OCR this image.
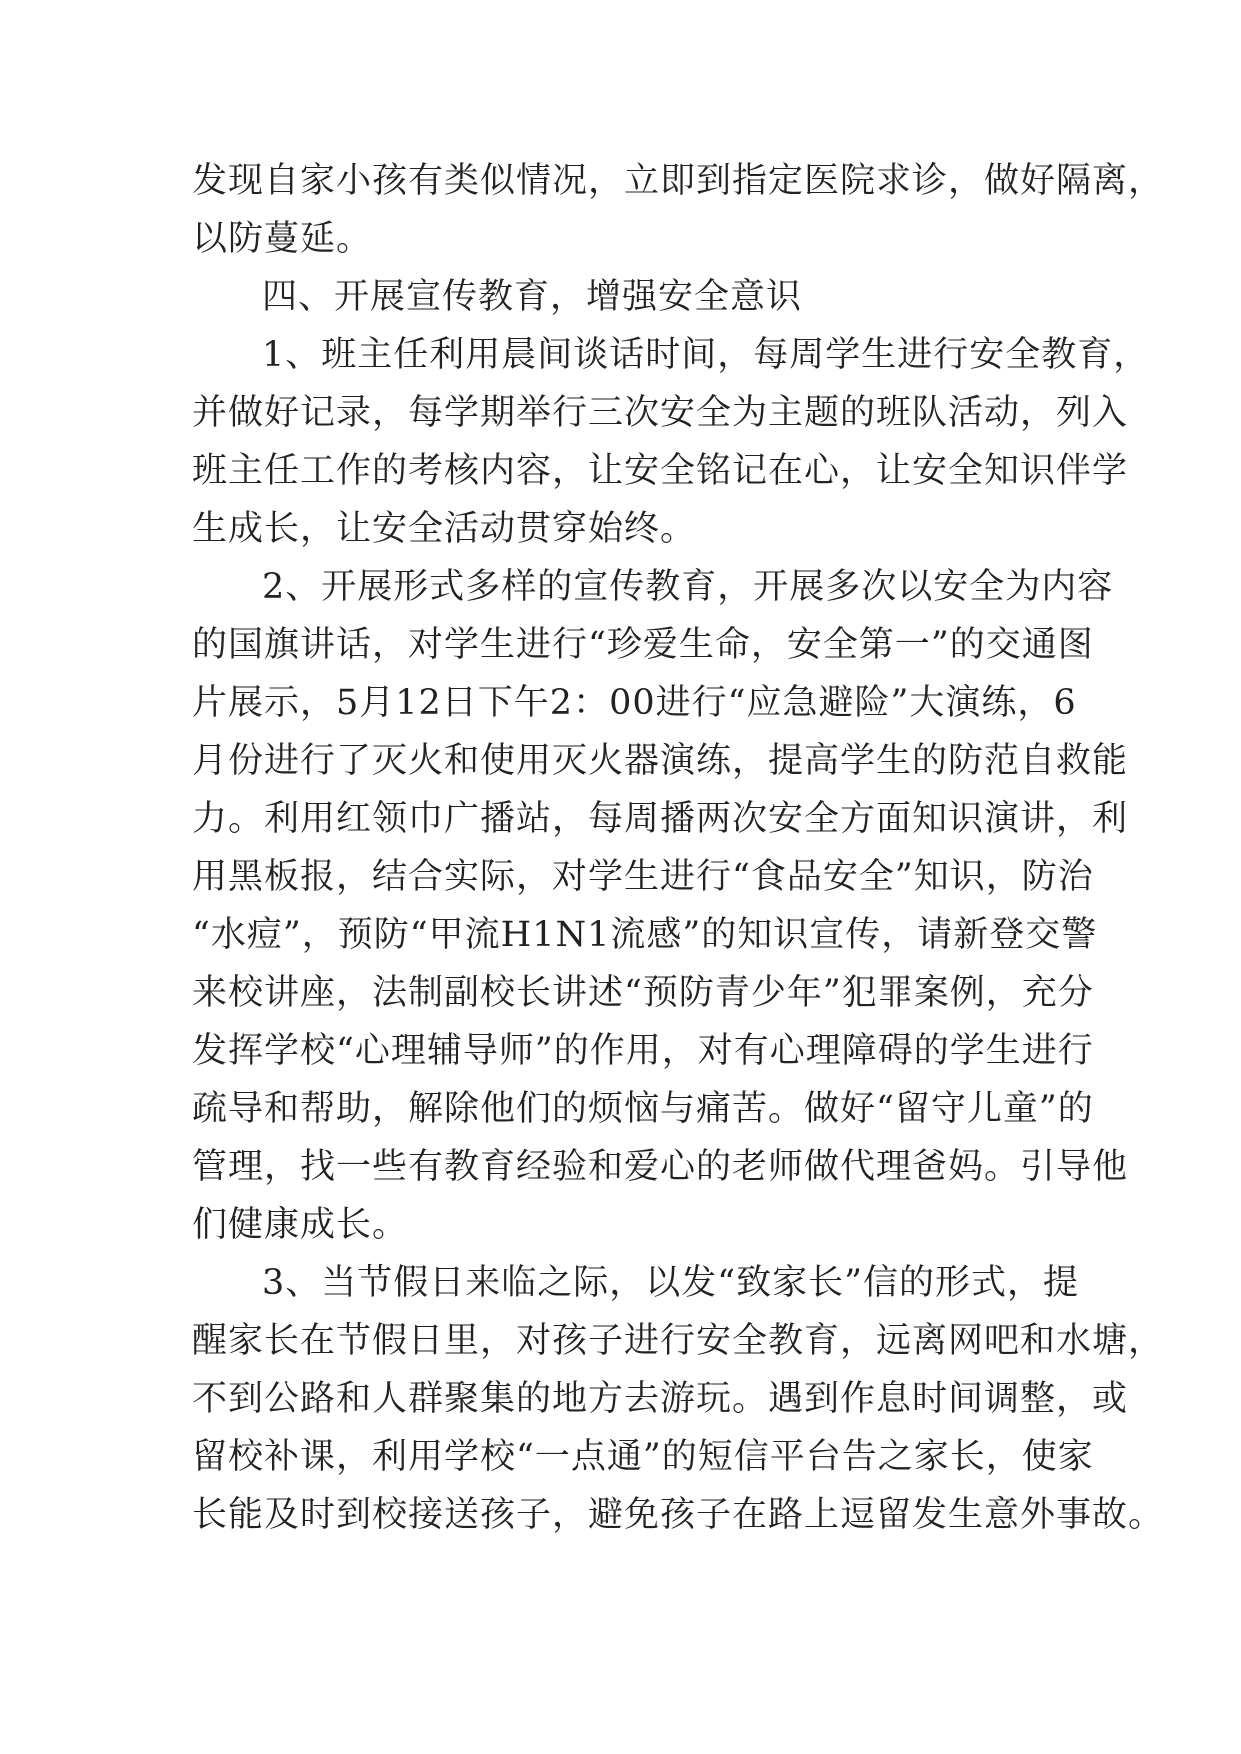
发现自家小孩有类似情况，立即到指定医院求诊，做好隔离，
以防蔓延。
四、开展宣传教育，增强安全意识
1、班主任利用晨间谈话时间，每周学生进行安全教育，
并做好记录，每学期举行三次安全为主题的班队活动，列入
班主任工作的考核内容，让安全铭记在心，让安全知识伴学
生成长，让安全活动贯穿始终。
2、开展形式多样的宣传教育，开展多次以安全为内容
的国旗讲话，对学生进行“珍爱生命，安全第一”的交通图
片展示，5月12日下午2：00进行“应急避险”大演练，6
月份进行了灭火和使用灭火器演练，提高学生的防范自救能
力。利用红领巾广播站，每周播两次安全方面知识演讲，利
用黑板报，结合实际，对学生进行“食品安全”知识，防治
“水痘”，预防“甲流H1N1流感”的知识宣传，请新登交警
来校讲座，法制副校长讲述“预防青少年”犯罪案例，充分
发挥学校“心理辅导师”的作用，对有心理障碍的学生进行
疏导和帮助，解除他们的烦恼与痛苦。做好“留守儿童”的
管理，找一些有教育经验和爱心的老师做代理爸妈。引导他
们健康成长。
3、当节假日来临之际，以发“致家长”信的形式，提
醒家长在节假日里，对孩子进行安全教育，远离网吧和水塘，
不到公路和人群聚集的地方去游玩。遇到作息时间调整，或
留校补课，利用学校“一点通”的短信平台告之家长，使家
长能及时到校接送孩子，避免孩子在路上逗留发生意外事故。
